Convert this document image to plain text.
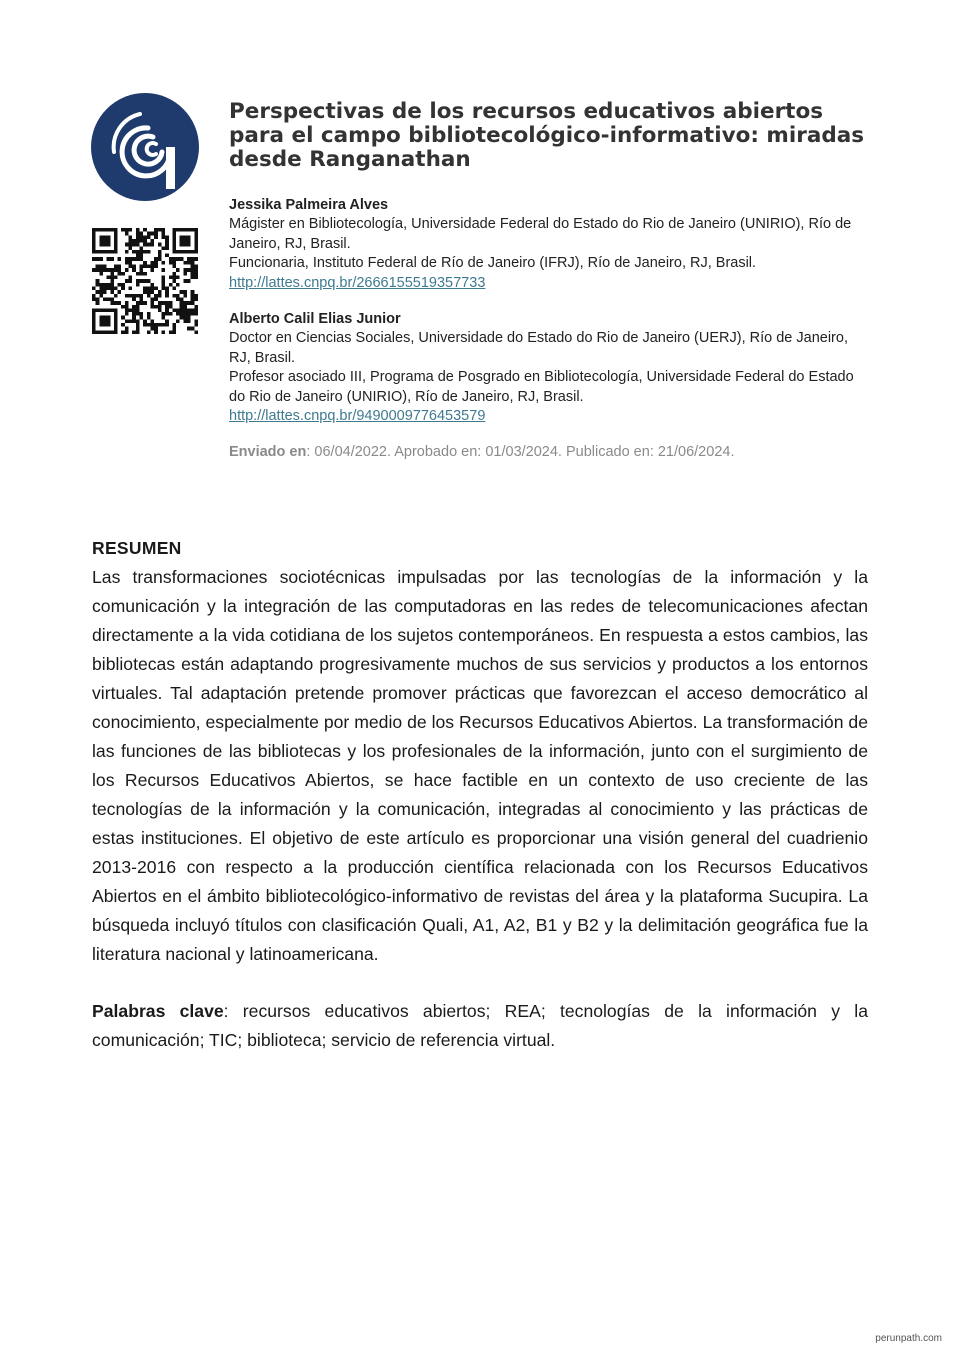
Perspectivas de los recursos educativos abiertos para el campo bibliotecológico-informativo: miradas desde Ranganathan
Jessika Palmeira Alves
Mágister en Bibliotecología, Universidade Federal do Estado do Rio de Janeiro (UNIRIO), Río de Janeiro, RJ, Brasil.
Funcionaria, Instituto Federal de Río de Janeiro (IFRJ), Río de Janeiro, RJ, Brasil.
http://lattes.cnpq.br/2666155519357733
Alberto Calil Elias Junior
Doctor en Ciencias Sociales, Universidade do Estado do Rio de Janeiro (UERJ), Río de Janeiro, RJ, Brasil.
Profesor asociado III, Programa de Posgrado en Bibliotecología, Universidade Federal do Estado do Rio de Janeiro (UNIRIO), Río de Janeiro, RJ, Brasil.
http://lattes.cnpq.br/9490009776453579
Enviado en: 06/04/2022. Aprobado en: 01/03/2024. Publicado en: 21/06/2024.
RESUMEN
Las transformaciones sociotécnicas impulsadas por las tecnologías de la información y la comunicación y la integración de las computadoras en las redes de telecomunicaciones afectan directamente a la vida cotidiana de los sujetos contemporáneos. En respuesta a estos cambios, las bibliotecas están adaptando progresivamente muchos de sus servicios y productos a los entornos virtuales. Tal adaptación pretende promover prácticas que favorezcan el acceso democrático al conocimiento, especialmente por medio de los Recursos Educativos Abiertos. La transformación de las funciones de las bibliotecas y los profesionales de la información, junto con el surgimiento de los Recursos Educativos Abiertos, se hace factible en un contexto de uso creciente de las tecnologías de la información y la comunicación, integradas al conocimiento y las prácticas de estas instituciones. El objetivo de este artículo es proporcionar una visión general del cuadrienio 2013-2016 con respecto a la producción científica relacionada con los Recursos Educativos Abiertos en el ámbito bibliotecológico-informativo de revistas del área y la plataforma Sucupira. La búsqueda incluyó títulos con clasificación Quali, A1, A2, B1 y B2 y la delimitación geográfica fue la literatura nacional y latinoamericana.
Palabras clave: recursos educativos abiertos; REA; tecnologías de la información y la comunicación; TIC; biblioteca; servicio de referencia virtual.
perunpath.com
